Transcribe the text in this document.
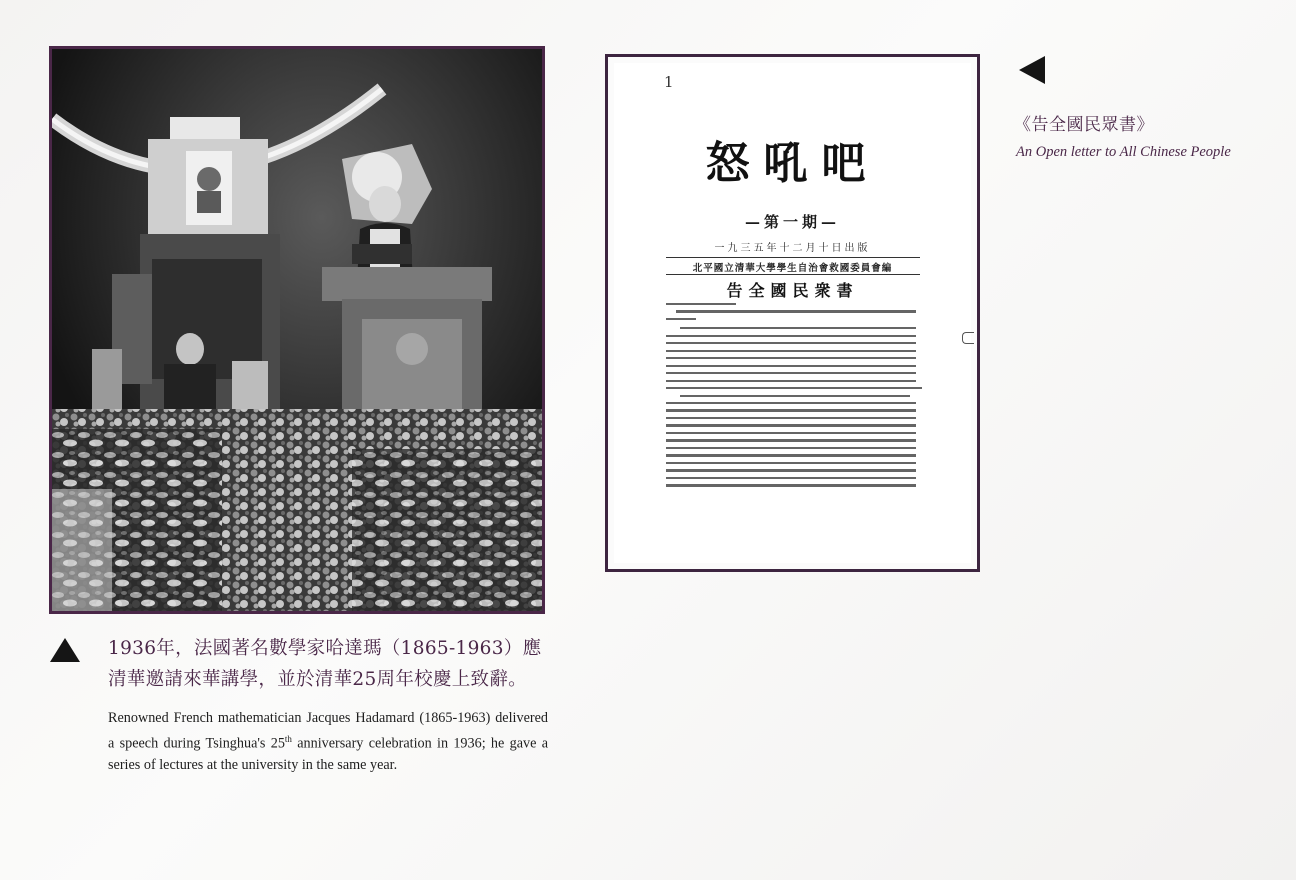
1936年，法國著名數學家哈達瑪（1865-1963）應清華邀請來華講學，並於清華25周年校慶上致辭。
Renowned French mathematician Jacques Hadamard (1865-1963) delivered a speech during Tsinghua's 25th anniversary celebration in 1936; he gave a series of lectures at the university in the same year.
1
怒吼吧
—第一期—
一九三五年十二月十日出版
北平國立清華大學學生自治會救國委員會編
告全國民衆書
《告全國民眾書》
An Open letter to All Chinese People
